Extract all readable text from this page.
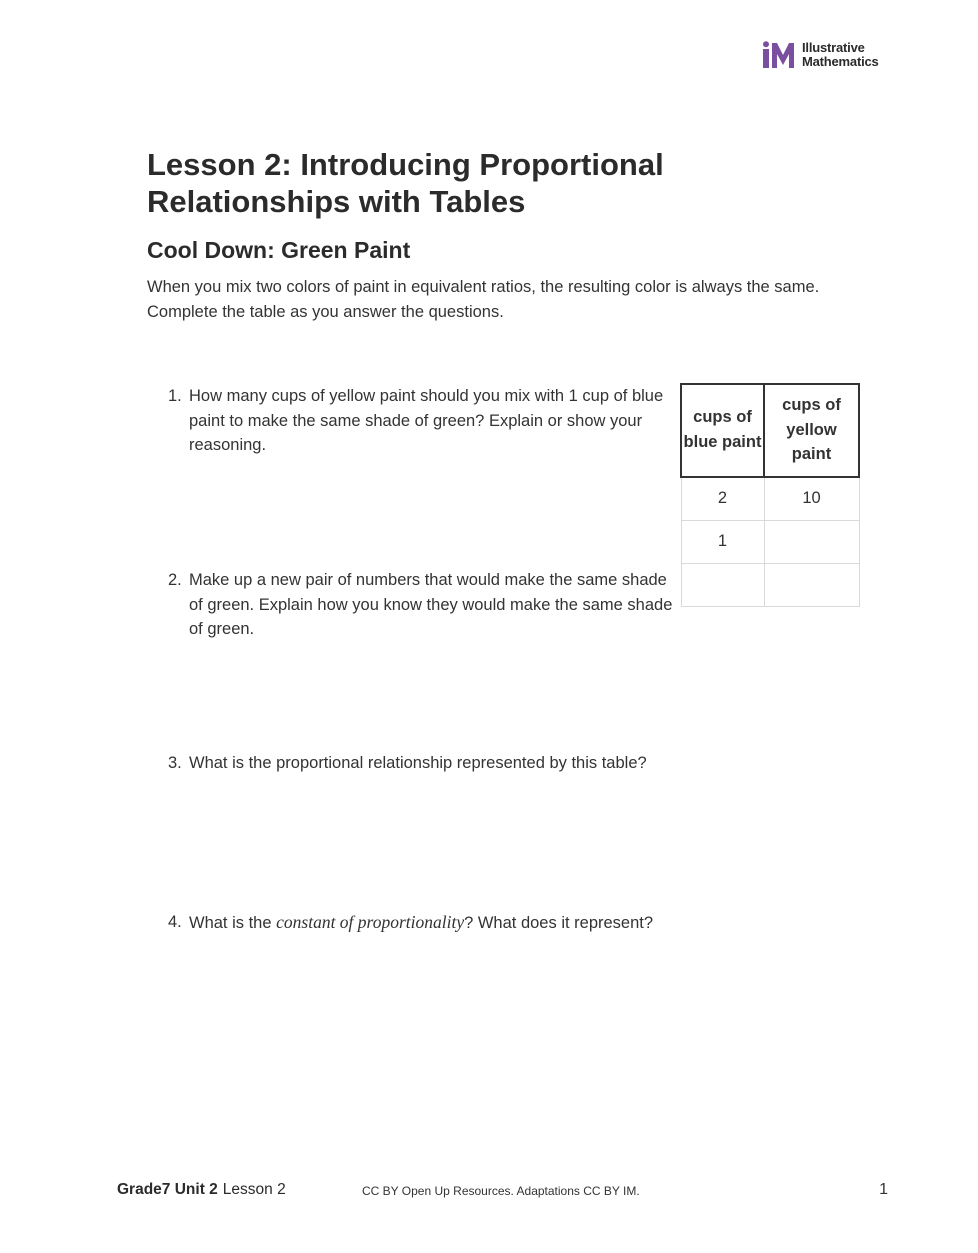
Illustrative
Mathematics
Lesson 2: Introducing Proportional Relationships with Tables
Cool Down: Green Paint

When you mix two colors of paint in equivalent ratios, the resulting color is always the same. Complete the table as you answer the questions.

1. How many cups of yellow paint should you mix with 1 cup of blue paint to make the same shade of green? Explain or show your reasoning.
2. Make up a new pair of numbers that would make the same shade of green. Explain how you know they would make the same shade of green.
3. What is the proportional relationship represented by this table?
4. What is the constant of proportionality? What does it represent?
cups of blue paint	cups of yellow paint
2	10
1	

Grade7 Unit 2 Lesson 2	CC BY Open Up Resources. Adaptations CC BY IM.	1
